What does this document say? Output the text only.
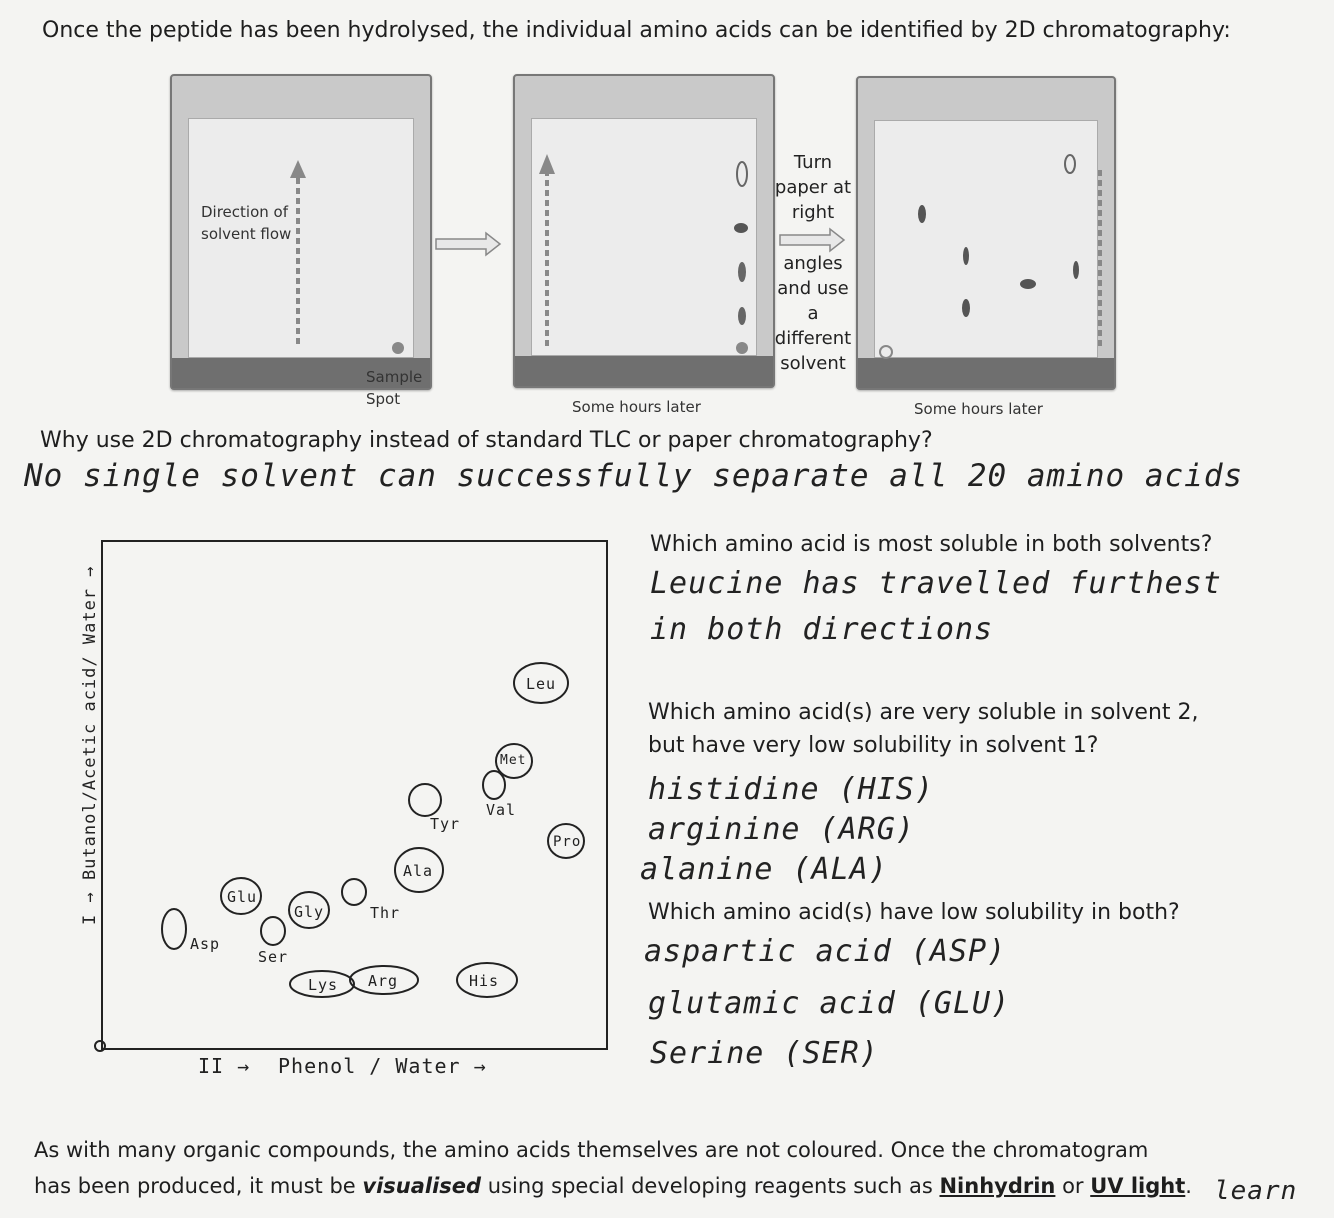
Once the peptide has been hydrolysed, the individual amino acids can be identified by 2D chromatography:
Direction of
solvent flow
Sample
Spot	Some hours later
Turn
paper at
right
angles
and use
a
different
solvent
Some hours later
Why use 2D chromatography instead of standard TLC or paper chromatography?
No single solvent can successfully separate all 20 amino acids
I → Butanol/Acetic acid/ Water →
II → Phenol / Water →
Asp
Glu
Ser
Gly	Thr
Lys Arg
Ala
Tyr
His
Val
Met
Leu
Pro
Which amino acid is most soluble in both solvents?
Leucine has travelled furthest
in both directions
Which amino acid(s) are very soluble in solvent 2,
but have very low solubility in solvent 1?
histidine (HIS)
arginine (ARG)
alanine (ALA)
Which amino acid(s) have low solubility in both?
aspartic acid (ASP)
glutamic acid (GLU)
Serine (SER)
As with many organic compounds, the amino acids themselves are not coloured. Once the chromatogram
has been produced, it must be visualised using special developing reagents such as Ninhydrin or UV light. learn
